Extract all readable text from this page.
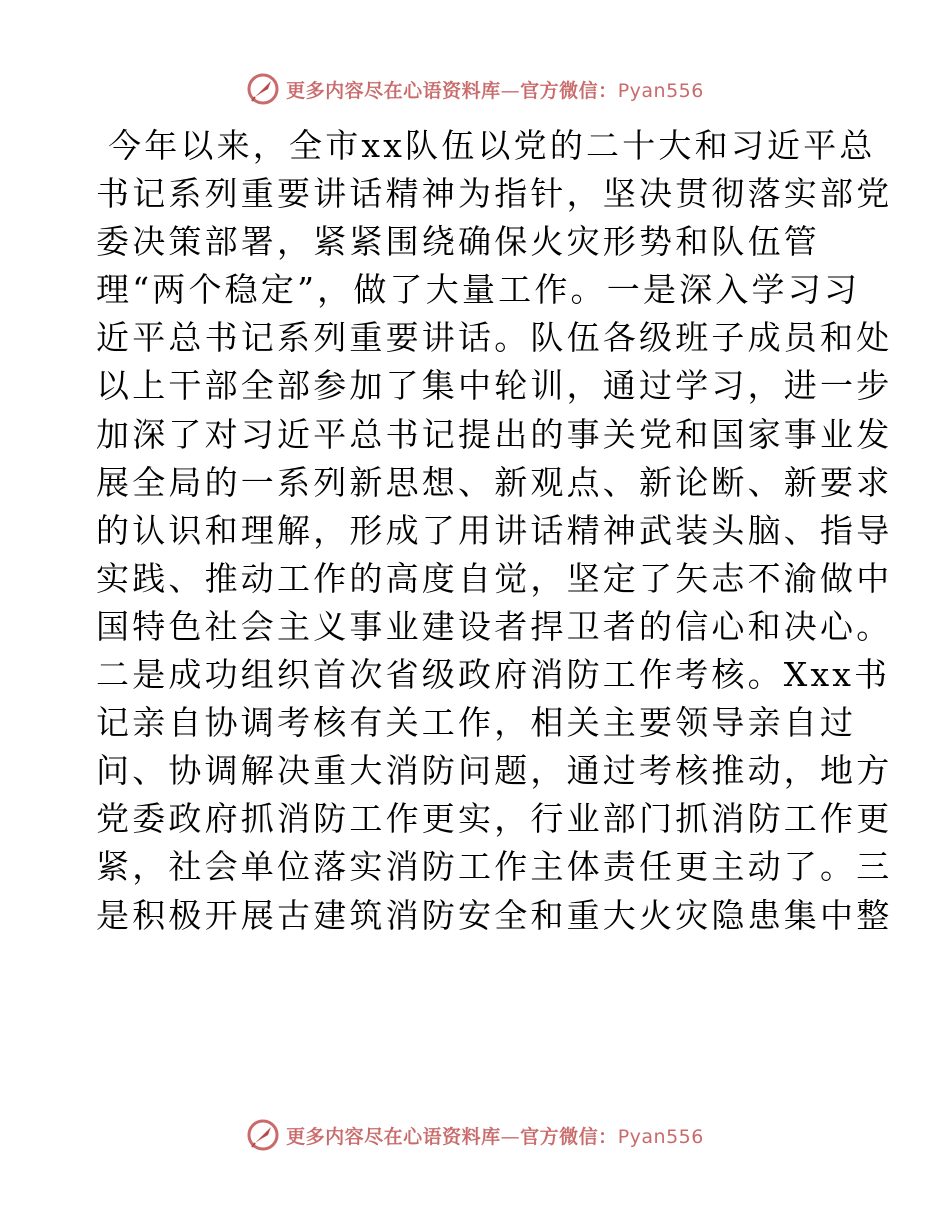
更多内容尽在心语资料库—官方微信：Pyan556
今年以来，全市xx队伍以党的二十大和习近平总
书记系列重要讲话精神为指针，坚决贯彻落实部党
委决策部署，紧紧围绕确保火灾形势和队伍管
理“两个稳定”，做了大量工作。一是深入学习习
近平总书记系列重要讲话。队伍各级班子成员和处
以上干部全部参加了集中轮训，通过学习，进一步
加深了对习近平总书记提出的事关党和国家事业发
展全局的一系列新思想、新观点、新论断、新要求
的认识和理解，形成了用讲话精神武装头脑、指导
实践、推动工作的高度自觉，坚定了矢志不渝做中
国特色社会主义事业建设者捍卫者的信心和决心。
二是成功组织首次省级政府消防工作考核。Xxx书
记亲自协调考核有关工作，相关主要领导亲自过
问、协调解决重大消防问题，通过考核推动，地方
党委政府抓消防工作更实，行业部门抓消防工作更
紧，社会单位落实消防工作主体责任更主动了。三
是积极开展古建筑消防安全和重大火灾隐患集中整
更多内容尽在心语资料库—官方微信：Pyan556
